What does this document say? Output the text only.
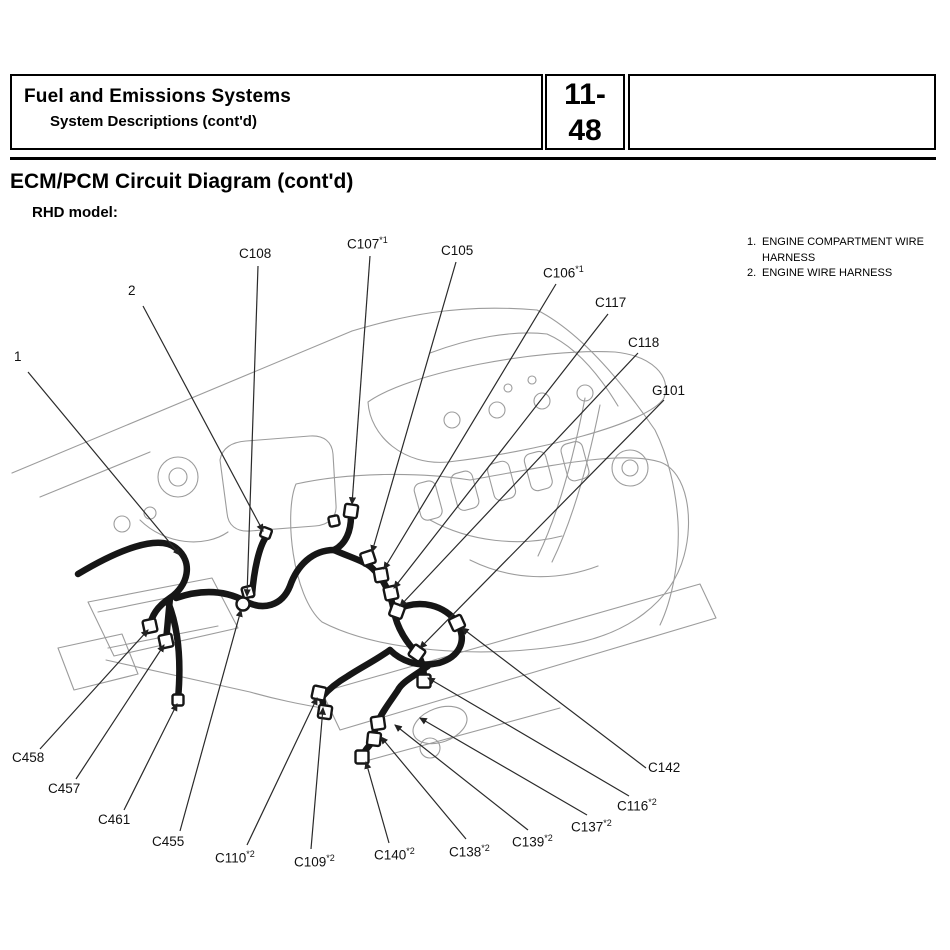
11-
48
Fuel and Emissions Systems
System Descriptions (cont'd)
ECM/PCM Circuit Diagram (cont'd)
RHD model:
1. ENGINE COMPARTMENT WIRE HARNESS
2. ENGINE WIRE HARNESS
1
2
C108
C107$^{*1}$
C105
C106$^{*1}$
C117
C118
G101
C458
C457
C461
C455
C110$^{*2}$
C109$^{*2}$	C140$^{*2}$	C138$^{*2}$ C139$^{*2}$
C137$^{*2}$
C116$^{*2}$
C142
